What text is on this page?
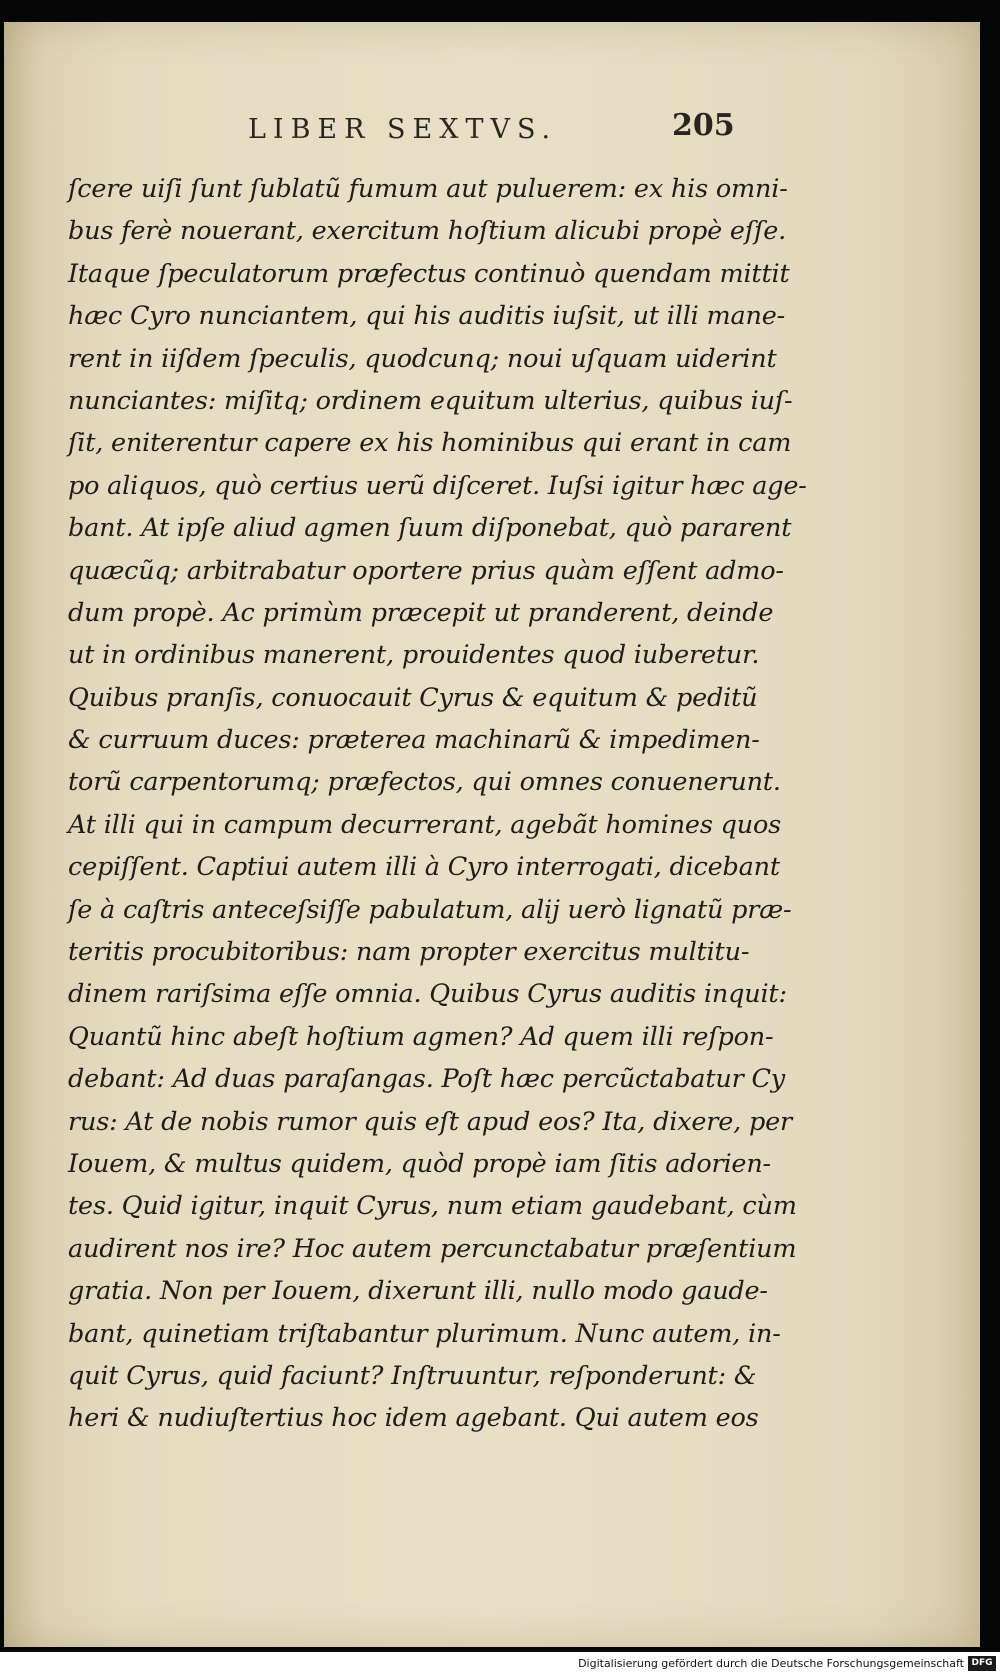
LIBER SEXTVS.	205
ſcere uiſi ſunt ſublatũ fumum aut puluerem: ex his omni-
bus ferè nouerant, exercitum hoſtium alicubi propè eſſe.
Itaque ſpeculatorum præfectus continuò quendam mittit
hæc Cyro nunciantem, qui his auditis iuſsit, ut illi mane-
rent in iiſdem ſpeculis, quodcunq; noui uſquam uiderint
nunciantes: miſitq; ordinem equitum ulterius, quibus iuſ-
ſit, eniterentur capere ex his hominibus qui erant in cam
po aliquos, quò certius uerũ diſceret. Iuſsi igitur hæc age-
bant. At ipſe aliud agmen ſuum diſponebat, quò pararent
quæcũq; arbitrabatur oportere prius quàm eſſent admo-
dum propè. Ac primùm præcepit ut pranderent, deinde
ut in ordinibus manerent, prouidentes quod iuberetur.
Quibus pranſis, conuocauit Cyrus & equitum & peditũ
& curruum duces: præterea machinarũ & impedimen-
torũ carpentorumq; præfectos, qui omnes conuenerunt.
At illi qui in campum decurrerant, agebãt homines quos
cepiſſent. Captiui autem illi à Cyro interrogati, dicebant
ſe à caſtris anteceſsiſſe pabulatum, alij uerò lignatũ præ-
teritis procubitoribus: nam propter exercitus multitu-
dinem rariſsima eſſe omnia. Quibus Cyrus auditis inquit:
Quantũ hinc abeſt hoſtium agmen? Ad quem illi reſpon-
debant: Ad duas paraſangas. Poſt hæc percũctabatur Cy
rus: At de nobis rumor quis eſt apud eos? Ita, dixere, per
Iouem, & multus quidem, quòd propè iam ſitis adorien-
tes. Quid igitur, inquit Cyrus, num etiam gaudebant, cùm
audirent nos ire? Hoc autem percunctabatur præſentium
gratia. Non per Iouem, dixerunt illi, nullo modo gaude-
bant, quinetiam triſtabantur plurimum. Nunc autem, in-
quit Cyrus, quid faciunt? Inſtruuntur, reſponderunt: &
heri & nudiuſtertius hoc idem agebant. Qui autem eos
Digitalisierung gefördert durch die Deutsche Forschungsgemeinschaft DFG
